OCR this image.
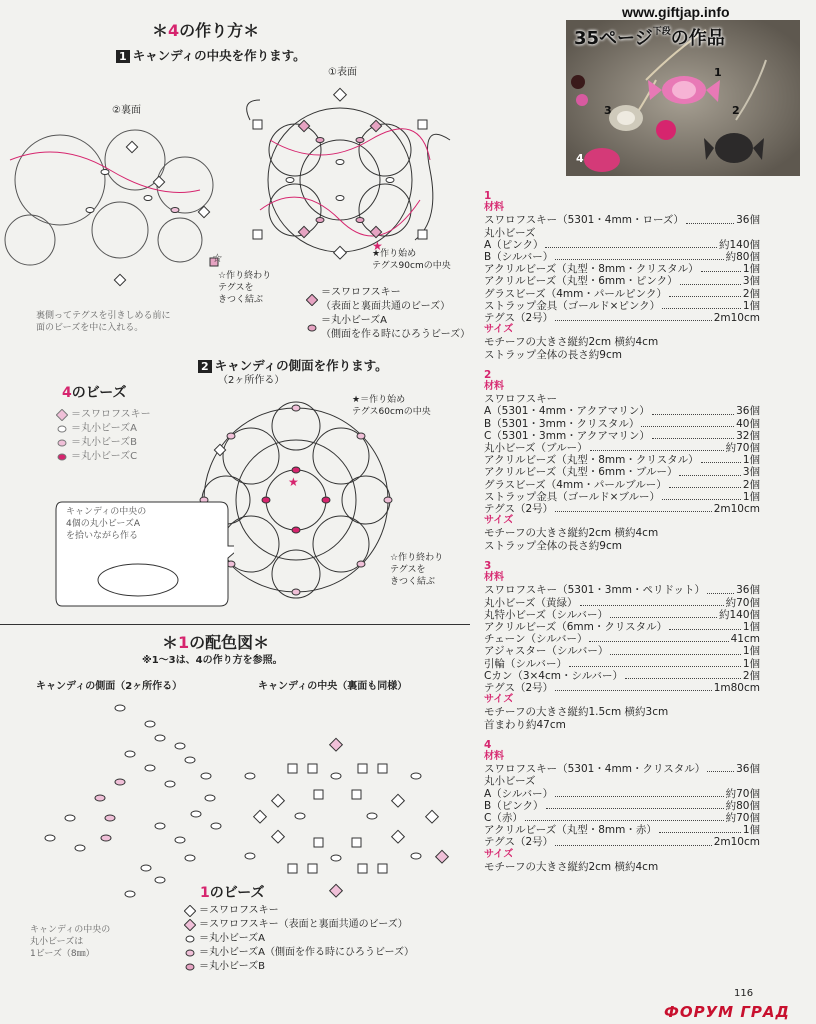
www.giftjap.info
35ページ$^{下段}$の作品
1
2
3
4
＊4の作り方＊
1 キャンディの中央を作ります。
①表面
②裏面
★
☆	★作り始め
テグス90cmの中央
☆作り終わり
テグスを
きつく結ぶ
裏側ってテグスを引きしめる前に
面のビーズを中に入れる。
＝スワロフスキー
（表面と裏面共通のビーズ）
＝丸小ビーズA
（側面を作る時にひろうビーズ）
2 キャンディの側面を作ります。
（2ヶ所作る）
4のビーズ
＝スワロフスキー
＝丸小ビーズA
＝丸小ビーズB
＝丸小ビーズC
★＝作り始め
テグス60cmの中央
★
☆作り終わり
テグスを
きつく結ぶ
キャンディの中央の
4個の丸小ビーズA
を拾いながら作る
＊1の配色図＊
※1～3は、4の作り方を参照。
キャンディの側面（2ヶ所作る）	キャンディの中央（裏面も同様）
キャンディの中央の
丸小ビーズは
1ビーズ（8㎜）
1のビーズ
＝スワロフスキー
＝スワロフスキー（表面と裏面共通のビーズ）
＝丸小ビーズA
＝丸小ビーズA（側面を作る時にひろうビーズ）
＝丸小ビーズB
1
材料
スワロフスキー（5301・4mm・ローズ）	36個
丸小ビーズ
A（ピンク）	約140個
B（シルバー）	約80個
アクリルビーズ（丸型・8mm・クリスタル）	1個
アクリルビーズ（丸型・6mm・ピンク）	3個
グラスビーズ（4mm・パールピンク）	2個
ストラップ金具（ゴールド×ピンク）	1個
テグス（2号）	2m10cm
サイズ
モチーフの大きさ縦約2cm 横約4cm
ストラップ全体の長さ約9cm
2
材料
スワロフスキー
A（5301・4mm・アクアマリン）	36個
B（5301・3mm・クリスタル）	40個
C（5301・3mm・アクアマリン）	32個
丸小ビーズ（ブルー）	約70個
アクリルビーズ（丸型・8mm・クリスタル）	1個
アクリルビーズ（丸型・6mm・ブルー）	3個
グラスビーズ（4mm・パールブルー）	2個
ストラップ金具（ゴールド×ブルー）	1個
テグス（2号）	2m10cm
サイズ
モチーフの大きさ縦約2cm 横約4cm
ストラップ全体の長さ約9cm
3
材料
スワロフスキー（5301・3mm・ペリドット）	36個
丸小ビーズ（黄緑）	約70個
丸特小ビーズ（シルバー）	約140個
アクリルビーズ（6mm・クリスタル）	1個
チェーン（シルバー）	41cm
アジャスター（シルバー）	1個
引輪（シルバー）	1個
Cカン（3×4cm・シルバー）	2個
テグス（2号）	1m80cm
サイズ
モチーフの大きさ縦約1.5cm 横約3cm
首まわり約47cm
4
材料
スワロフスキー（5301・4mm・クリスタル）	36個
丸小ビーズ
A（シルバー）	約70個
B（ピンク）	約80個
C（赤）	約70個
アクリルビーズ（丸型・8mm・赤）	1個
テグス（2号）	2m10cm
サイズ
モチーフの大きさ縦約2cm 横約4cm
116
ФОРУМ ГРАД
